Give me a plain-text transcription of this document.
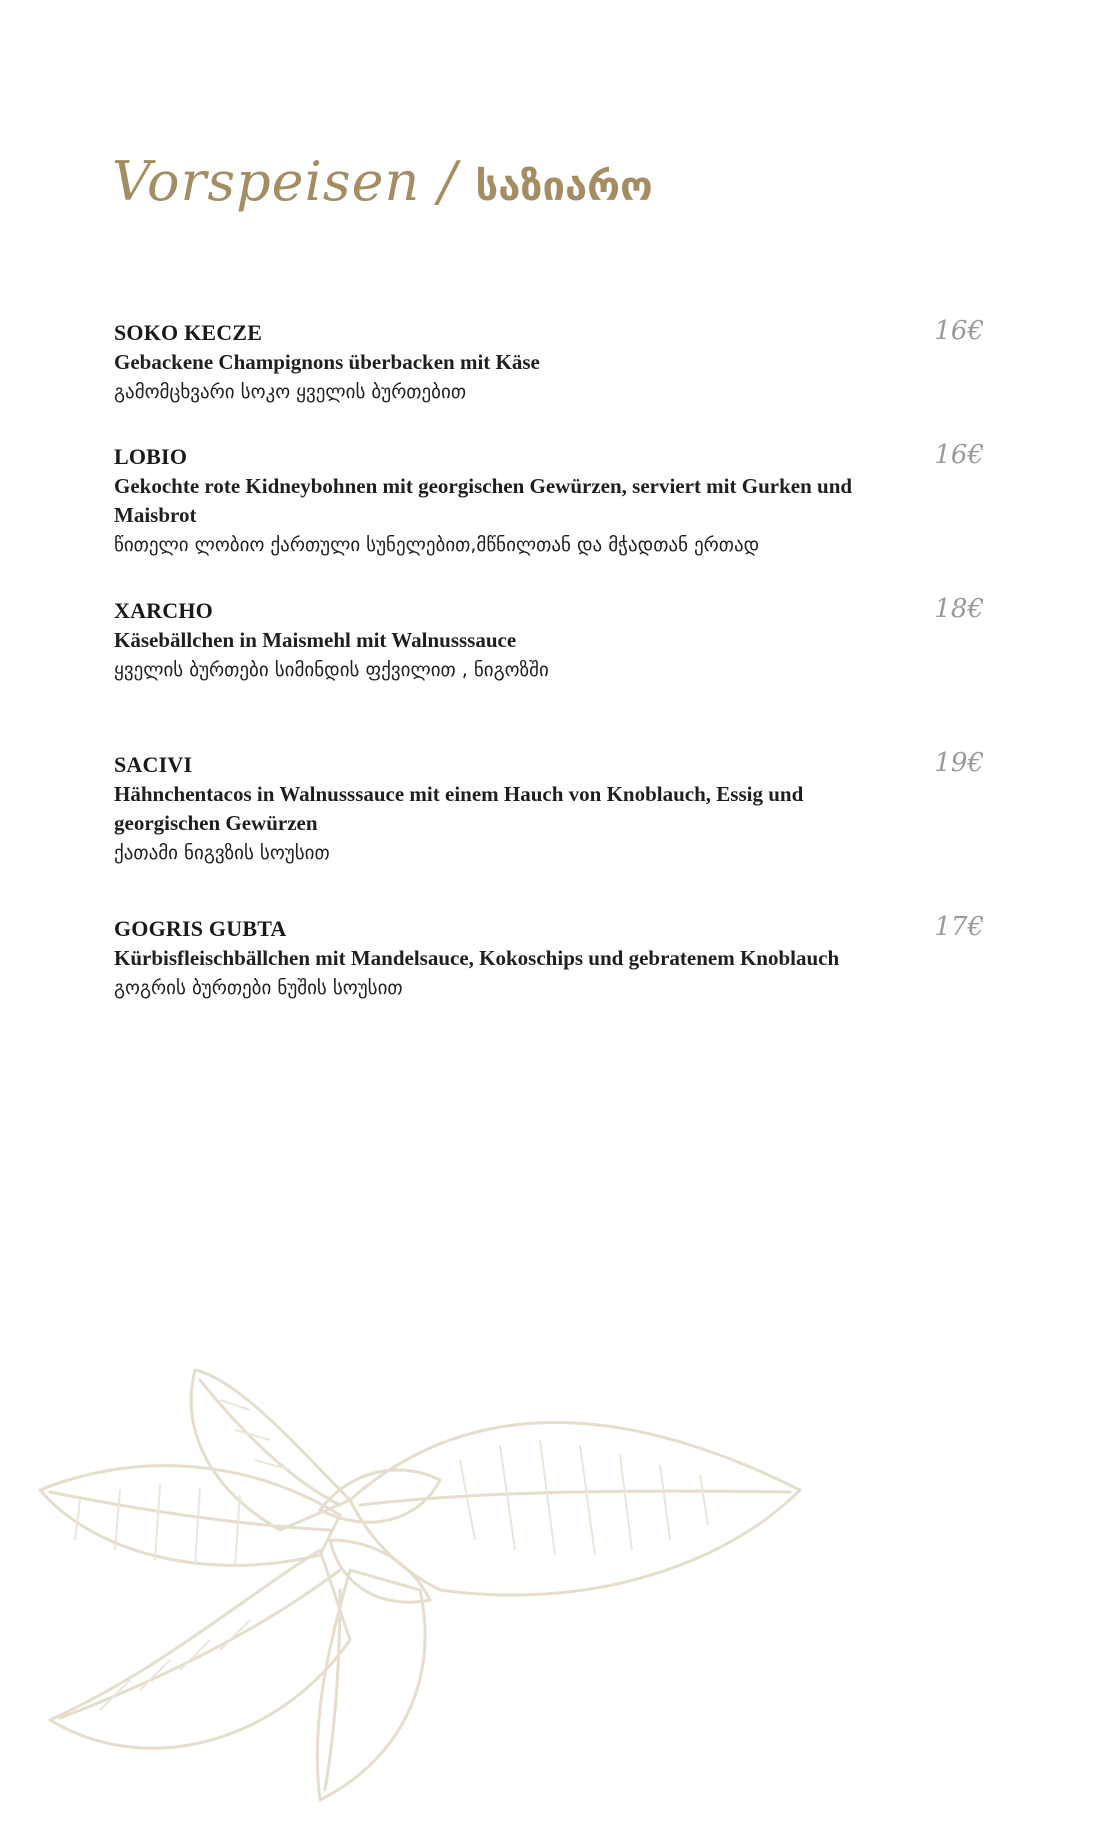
Vorspeisen / საზიარო
SOKO KECZE
Gebackene Champignons überbacken mit Käse
გამომცხვარი სოკო ყველის ბურთებით
16€
LOBIO
Gekochte rote Kidneybohnen mit georgischen Gewürzen, serviert mit Gurken und Maisbrot
წითელი ლობიო ქართული სუნელებით,მწნილთან და მჭადთან ერთად
16€
XARCHO
Käsebällchen in Maismehl mit Walnusssauce
ყველის ბურთები სიმინდის ფქვილით , ნიგოზში
18€
SACIVI
Hähnchentacos in Walnusssauce mit einem Hauch von Knoblauch, Essig und georgischen Gewürzen
ქათამი ნიგვზის სოუსით
19€
GOGRIS GUBTA
Kürbisfleischbällchen mit Mandelsauce, Kokoschips und gebratenem Knoblauch
გოგრის ბურთები ნუშის სოუსით
17€
